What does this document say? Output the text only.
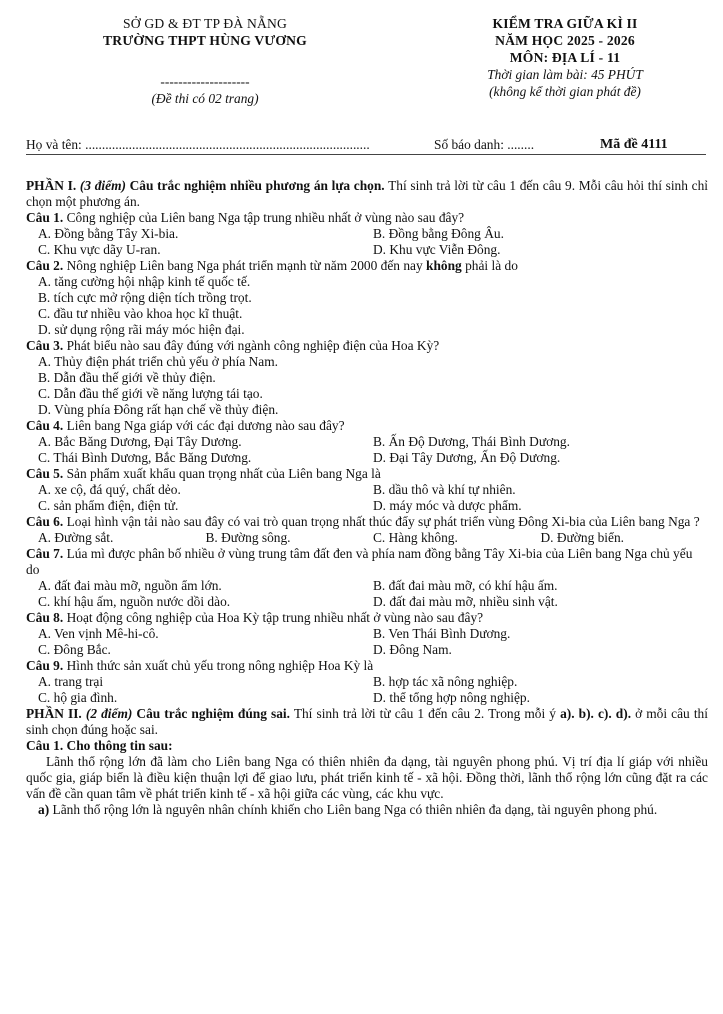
SỞ GD & ĐT TP ĐÀ NẴNG
TRƯỜNG THPT HÙNG VƯƠNG
--------------------
(Đề thi có 02 trang)
KIỂM TRA GIỮA KÌ II
NĂM HỌC 2025 - 2026
MÔN: ĐỊA LÍ - 11
Thời gian làm bài: 45 PHÚT
(không kể thời gian phát đề)
Họ và tên: .....................................................................................	Số báo danh: ........	Mã đề 4111

PHẦN I. (3 điểm) Câu trắc nghiệm nhiều phương án lựa chọn. Thí sinh trả lời từ câu 1 đến câu 9. Mỗi câu hỏi thí sinh chỉ chọn một phương án.

Câu 1. Công nghiệp của Liên bang Nga tập trung nhiều nhất ở vùng nào sau đây?

A. Đồng bằng Tây Xi-bia.	B. Đồng bằng Đông Âu.
C. Khu vực dãy U-ran.	D. Khu vực Viễn Đông.

Câu 2. Nông nghiệp Liên bang Nga phát triển mạnh từ năm 2000 đến nay không phải là do

A. tăng cường hội nhập kinh tế quốc tế.

B. tích cực mở rộng diện tích trồng trọt.

C. đầu tư nhiều vào khoa học kĩ thuật.

D. sử dụng rộng rãi máy móc hiện đại.

Câu 3. Phát biểu nào sau đây đúng với ngành công nghiệp điện của Hoa Kỳ?

A. Thủy điện phát triển chủ yếu ở phía Nam.

B. Dẫn đầu thế giới về thủy điện.

C. Dẫn đầu thế giới về năng lượng tái tạo.

D. Vùng phía Đông rất hạn chế về thủy điện.

Câu 4. Liên bang Nga giáp với các đại dương nào sau đây?

A. Bắc Băng Dương, Đại Tây Dương.	B. Ấn Độ Dương, Thái Bình Dương.
C. Thái Bình Dương, Bắc Băng Dương.	D. Đại Tây Dương, Ấn Độ Dương.

Câu 5. Sản phẩm xuất khẩu quan trọng nhất của Liên bang Nga là

A. xe cộ, đá quý, chất dẻo.	B. dầu thô và khí tự nhiên.
C. sản phẩm điện, điện tử.	D. máy móc và dược phẩm.

Câu 6. Loại hình vận tải nào sau đây có vai trò quan trọng nhất thúc đẩy sự phát triển vùng Đông Xi-bia của Liên bang Nga ?

A. Đường sắt.	B. Đường sông.	C. Hàng không.	D. Đường biển.

Câu 7. Lúa mì được phân bố nhiều ở vùng trung tâm đất đen và phía nam đồng bằng Tây Xi-bia của Liên bang Nga chủ yếu do

A. đất đai màu mỡ, nguồn ẩm lớn.	B. đất đai màu mỡ, có khí hậu ấm.
C. khí hậu ấm, nguồn nước dồi dào.	D. đất đai màu mỡ, nhiều sinh vật.

Câu 8. Hoạt động công nghiệp của Hoa Kỳ tập trung nhiều nhất ở vùng nào sau đây?

A. Ven vịnh Mê-hi-cô.	B. Ven Thái Bình Dương.
C. Đông Bắc.	D. Đông Nam.

Câu 9. Hình thức sản xuất chủ yếu trong nông nghiệp Hoa Kỳ là

A. trang trại	B. hợp tác xã nông nghiệp.
C. hộ gia đình.	D. thể tổng hợp nông nghiệp.

PHẦN II. (2 điểm) Câu trắc nghiệm đúng sai. Thí sinh trả lời từ câu 1 đến câu 2. Trong mỗi ý a). b). c). d). ở mỗi câu thí sinh chọn đúng hoặc sai.

Câu 1. Cho thông tin sau:

Lãnh thổ rộng lớn đã làm cho Liên bang Nga có thiên nhiên đa dạng, tài nguyên phong phú. Vị trí địa lí giáp với nhiều quốc gia, giáp biển là điều kiện thuận lợi để giao lưu, phát triển kinh tế - xã hội. Đồng thời, lãnh thổ rộng lớn cũng đặt ra các vấn đề cần quan tâm về phát triển kinh tế - xã hội giữa các vùng, các khu vực.

a) Lãnh thổ rộng lớn là nguyên nhân chính khiến cho Liên bang Nga có thiên nhiên đa dạng, tài nguyên phong phú.
